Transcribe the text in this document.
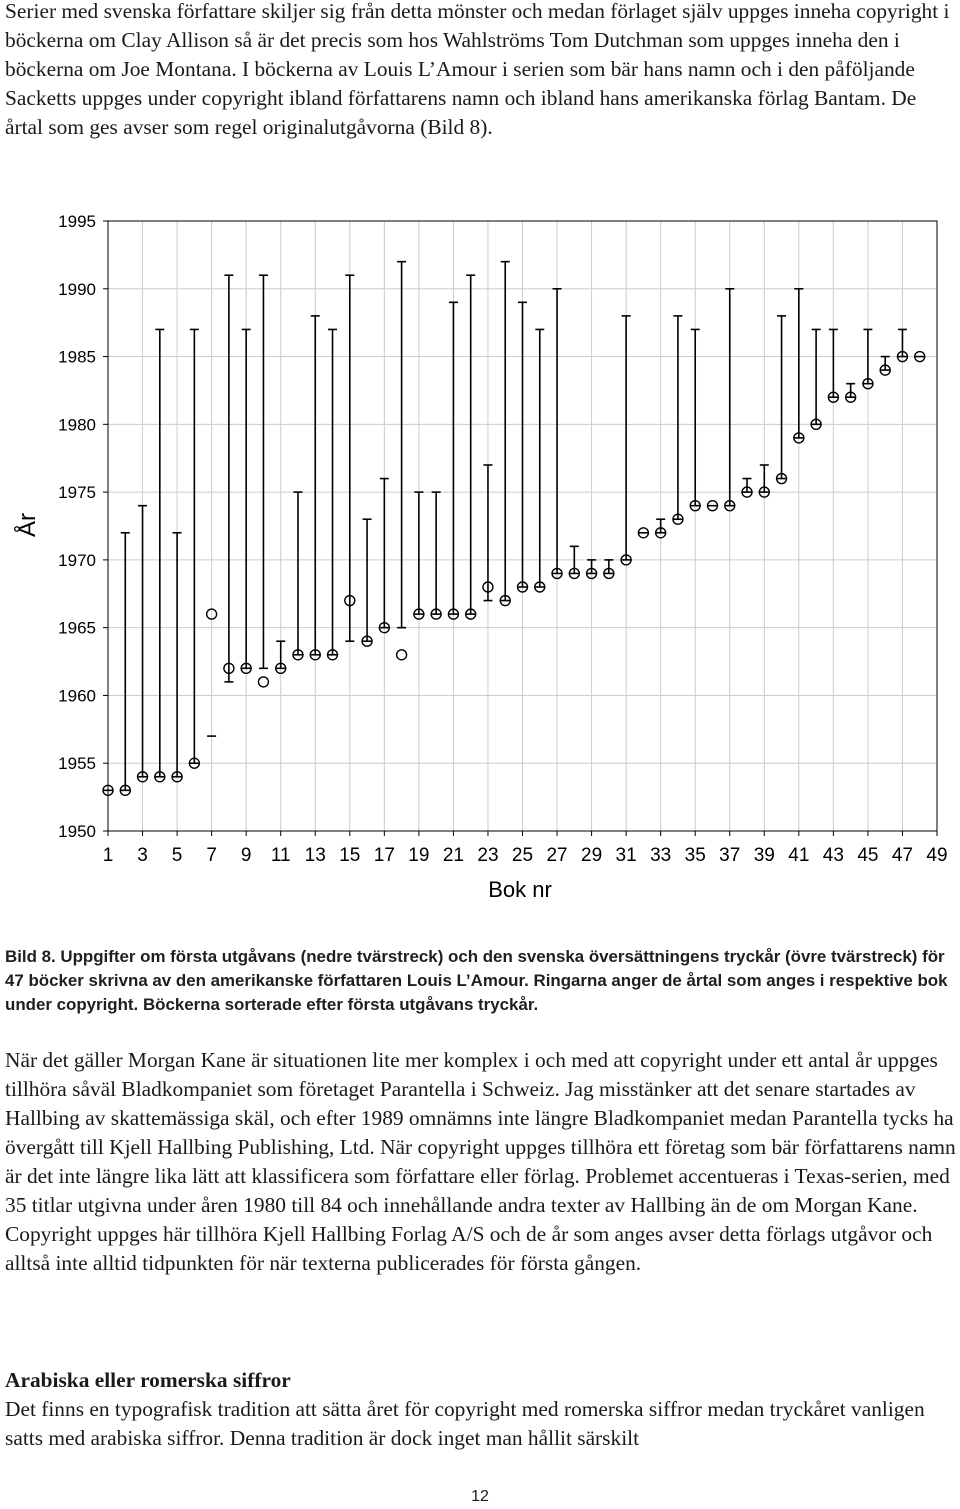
Serier med svenska författare skiljer sig från detta mönster och medan förlaget själv uppges inneha copyright i böckerna om Clay Allison så är det precis som hos Wahlströms Tom Dutchman som uppges inneha den i böckerna om Joe Montana. I böckerna av Louis L’Amour i serien som bär hans namn och i den påföljande Sacketts uppges under copyright ibland författarens namn och ibland hans amerikanska förlag Bantam. De årtal som ges avser som regel originalutgåvorna (Bild 8).

1 3 5 7 9 11 13 15 17 19 21 23 25 27 29 31 33 35 37 39 41 43 45 47 49
1950
1955
1960
1965
1970
1975
1980
1985
1990
1995
Bok nr
År

Bild 8. Uppgifter om första utgåvans (nedre tvärstreck) och den svenska översättningens tryckår (övre tvärstreck) för 47 böcker skrivna av den amerikanske författaren Louis L’Amour. Ringarna anger de årtal som anges i respektive bok under copyright. Böckerna sorterade efter första utgåvans tryckår.

När det gäller Morgan Kane är situationen lite mer komplex i och med att copyright under ett antal år uppges tillhöra såväl Bladkompaniet som företaget Parantella i Schweiz. Jag misstänker att det senare startades av Hallbing av skattemässiga skäl, och efter 1989 omnämns inte längre Bladkompaniet medan Parantella tycks ha övergått till Kjell Hallbing Publishing, Ltd. När copyright uppges tillhöra ett företag som bär författarens namn är det inte längre lika lätt att klassificera som författare eller förlag. Problemet accentueras i Texas-serien, med 35 titlar utgivna under åren 1980 till 84 och innehållande andra texter av Hallbing än de om Morgan Kane. Copyright uppges här tillhöra Kjell Hallbing Forlag A/S och de år som anges avser detta förlags utgåvor och alltså inte alltid tidpunkten för när texterna publicerades för första gången.

Arabiska eller romerska siffror

Det finns en typografisk tradition att sätta året för copyright med romerska siffror medan tryckåret vanligen satts med arabiska siffror. Denna tradition är dock inget man hållit särskilt

12
